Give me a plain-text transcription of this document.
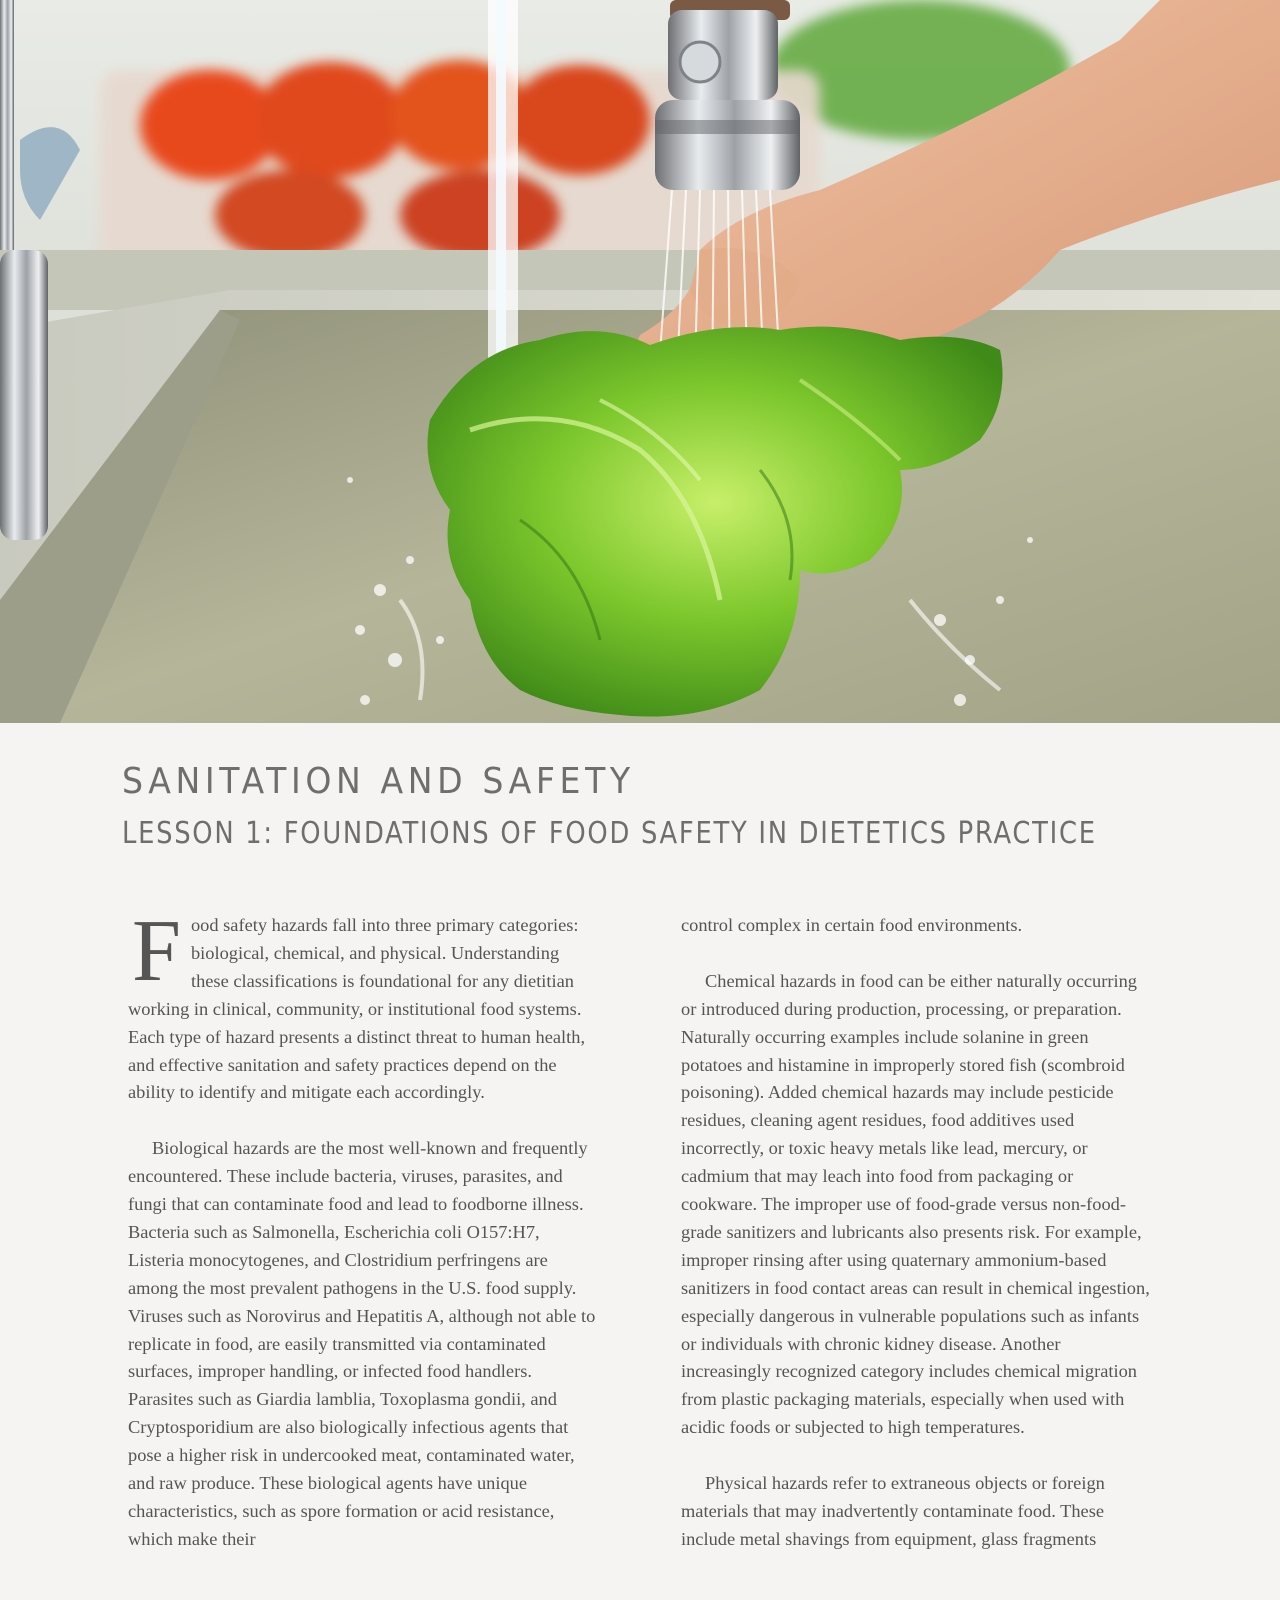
SANITATION AND SAFETY
LESSON 1: FOUNDATIONS OF FOOD SAFETY IN DIETETICS PRACTICE

Food safety hazards fall into three primary categories: biological, chemical, and physical. Understanding these classifications is foundational for any dietitian working in clinical, community, or institutional food systems. Each type of hazard presents a distinct threat to human health, and effective sanitation and safety practices depend on the ability to identify and mitigate each accordingly.

Biological hazards are the most well-known and frequently encountered. These include bacteria, viruses, parasites, and fungi that can contaminate food and lead to foodborne illness. Bacteria such as Salmonella, Escherichia coli O157:H7, Listeria monocytogenes, and Clostridium perfringens are among the most prevalent pathogens in the U.S. food supply. Viruses such as Norovirus and Hepatitis A, although not able to replicate in food, are easily transmitted via contaminated surfaces, improper handling, or infected food handlers. Parasites such as Giardia lamblia, Toxoplasma gondii, and Cryptosporidium are also biologically infectious agents that pose a higher risk in undercooked meat, contaminated water, and raw produce. These biological agents have unique characteristics, such as spore formation or acid resistance, which make their

control complex in certain food environments.

Chemical hazards in food can be either naturally occurring or introduced during production, processing, or preparation. Naturally occurring examples include solanine in green potatoes and histamine in improperly stored fish (scombroid poisoning). Added chemical hazards may include pesticide residues, cleaning agent residues, food additives used incorrectly, or toxic heavy metals like lead, mercury, or cadmium that may leach into food from packaging or cookware. The improper use of food-grade versus non-food-grade sanitizers and lubricants also presents risk. For example, improper rinsing after using quaternary ammonium-based sanitizers in food contact areas can result in chemical ingestion, especially dangerous in vulnerable populations such as infants or individuals with chronic kidney disease. Another increasingly recognized category includes chemical migration from plastic packaging materials, especially when used with acidic foods or subjected to high temperatures.

Physical hazards refer to extraneous objects or foreign materials that may inadvertently contaminate food. These include metal shavings from equipment, glass fragments
